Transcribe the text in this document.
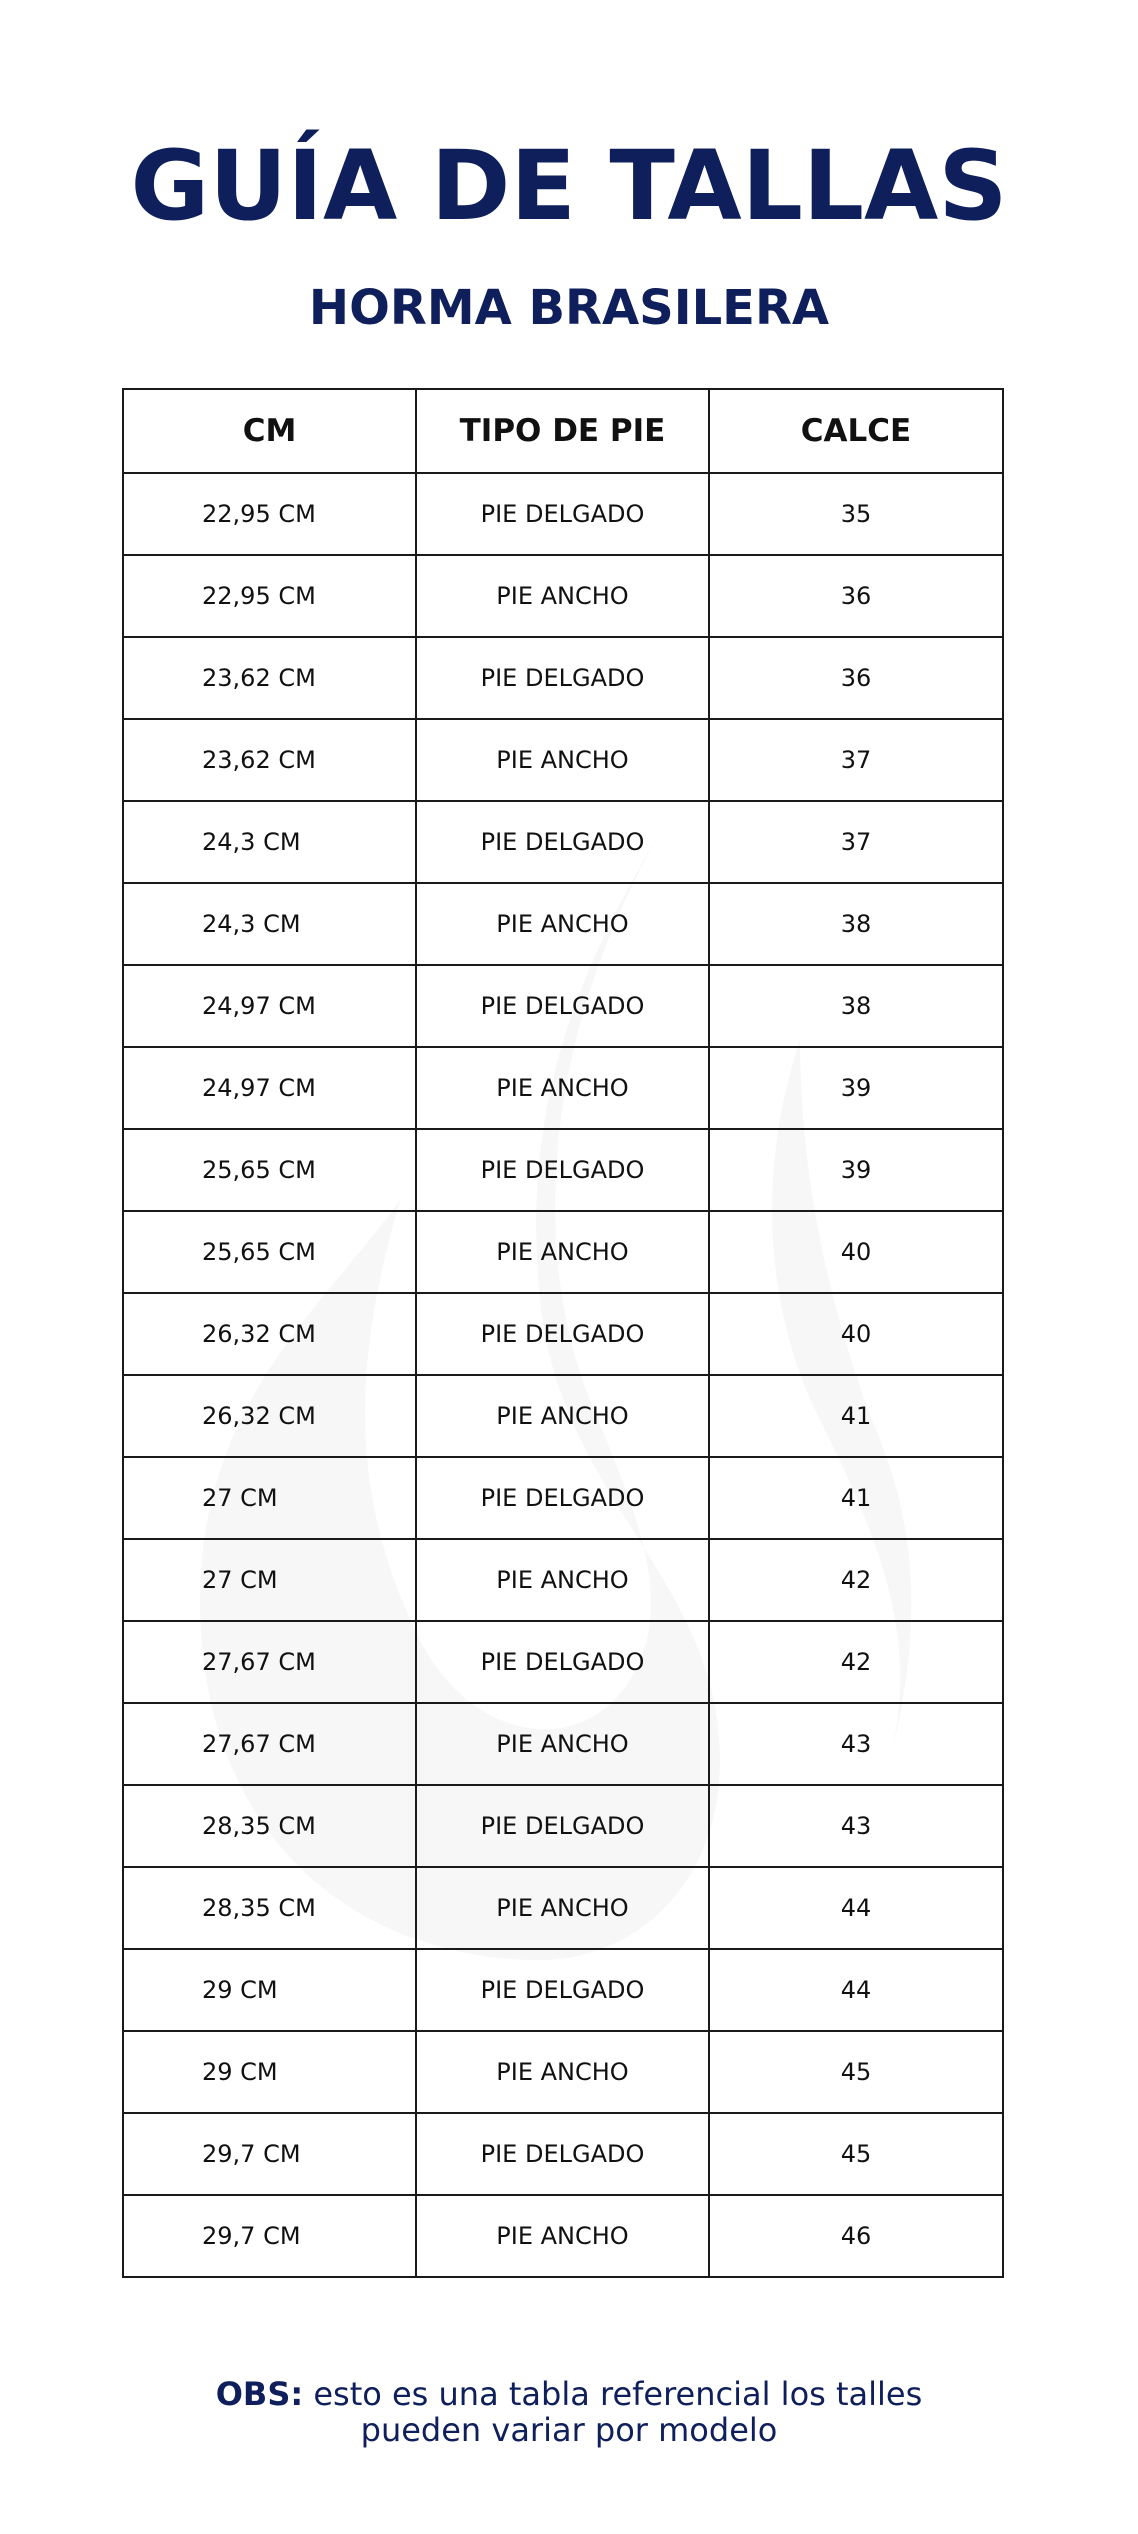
GUÍA DE TALLAS
HORMA BRASILERA
CM	TIPO DE PIE	CALCE
22,95 CM	PIE DELGADO	35
22,95 CM	PIE ANCHO	36
23,62 CM	PIE DELGADO	36
23,62 CM	PIE ANCHO	37
24,3 CM	PIE DELGADO	37
24,3 CM	PIE ANCHO	38
24,97 CM	PIE DELGADO	38
24,97 CM	PIE ANCHO	39
25,65 CM	PIE DELGADO	39
25,65 CM	PIE ANCHO	40
26,32 CM	PIE DELGADO	40
26,32 CM	PIE ANCHO	41
27 CM	PIE DELGADO	41
27 CM	PIE ANCHO	42
27,67 CM	PIE DELGADO	42
27,67 CM	PIE ANCHO	43
28,35 CM	PIE DELGADO	43
28,35 CM	PIE ANCHO	44
29 CM	PIE DELGADO	44
29 CM	PIE ANCHO	45
29,7 CM	PIE DELGADO	45
29,7 CM	PIE ANCHO	46
OBS: esto es una tabla referencial los talles
pueden variar por modelo
